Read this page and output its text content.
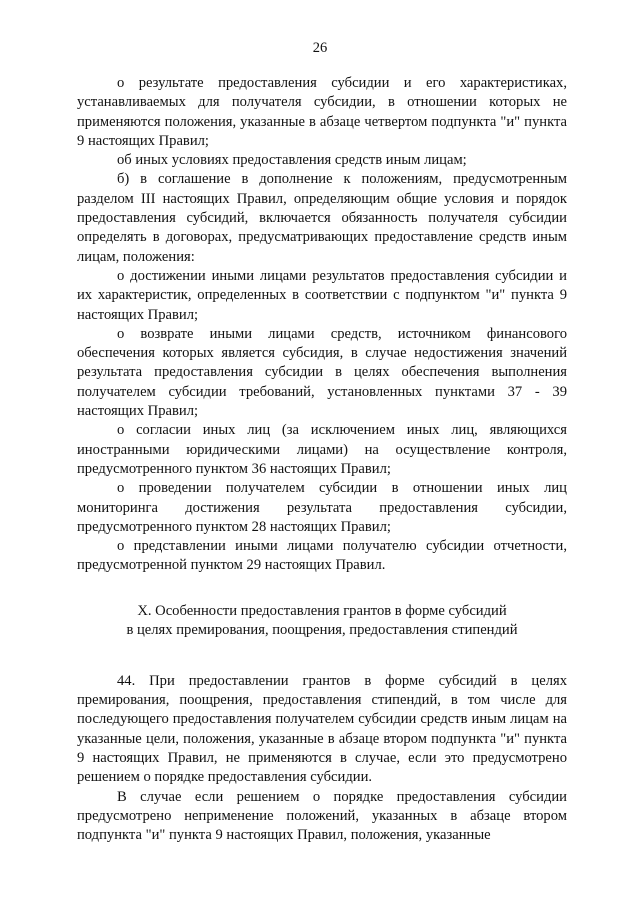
26

о результате предоставления субсидии и его характеристиках, устанавливаемых для получателя субсидии, в отношении которых не применяются положения, указанные в абзаце четвертом подпункта "и" пункта 9 настоящих Правил;

об иных условиях предоставления средств иным лицам;

б) в соглашение в дополнение к положениям, предусмотренным разделом III настоящих Правил, определяющим общие условия и порядок предоставления субсидий, включается обязанность получателя субсидии определять в договорах, предусматривающих предоставление средств иным лицам, положения:

о достижении иными лицами результатов предоставления субсидии и их характеристик, определенных в соответствии с подпунктом "и" пункта 9 настоящих Правил;

о возврате иными лицами средств, источником финансового обеспечения которых является субсидия, в случае недостижения значений результата предоставления субсидии в целях обеспечения выполнения получателем субсидии требований, установленных пунктами 37 - 39 настоящих Правил;

о согласии иных лиц (за исключением иных лиц, являющихся иностранными юридическими лицами) на осуществление контроля, предусмотренного пунктом 36 настоящих Правил;

о проведении получателем субсидии в отношении иных лиц мониторинга достижения результата предоставления субсидии, предусмотренного пунктом 28 настоящих Правил;

о представлении иными лицами получателю субсидии отчетности, предусмотренной пунктом 29 настоящих Правил.

X. Особенности предоставления грантов в форме субсидий
в целях премирования, поощрения, предоставления стипендий

44. При предоставлении грантов в форме субсидий в целях премирования, поощрения, предоставления стипендий, в том числе для последующего предоставления получателем субсидии средств иным лицам на указанные цели, положения, указанные в абзаце втором подпункта "и" пункта 9 настоящих Правил, не применяются в случае, если это предусмотрено решением о порядке предоставления субсидии.

В случае если решением о порядке предоставления субсидии предусмотрено неприменение положений, указанных в абзаце втором подпункта "и" пункта 9 настоящих Правил, положения, указанные
